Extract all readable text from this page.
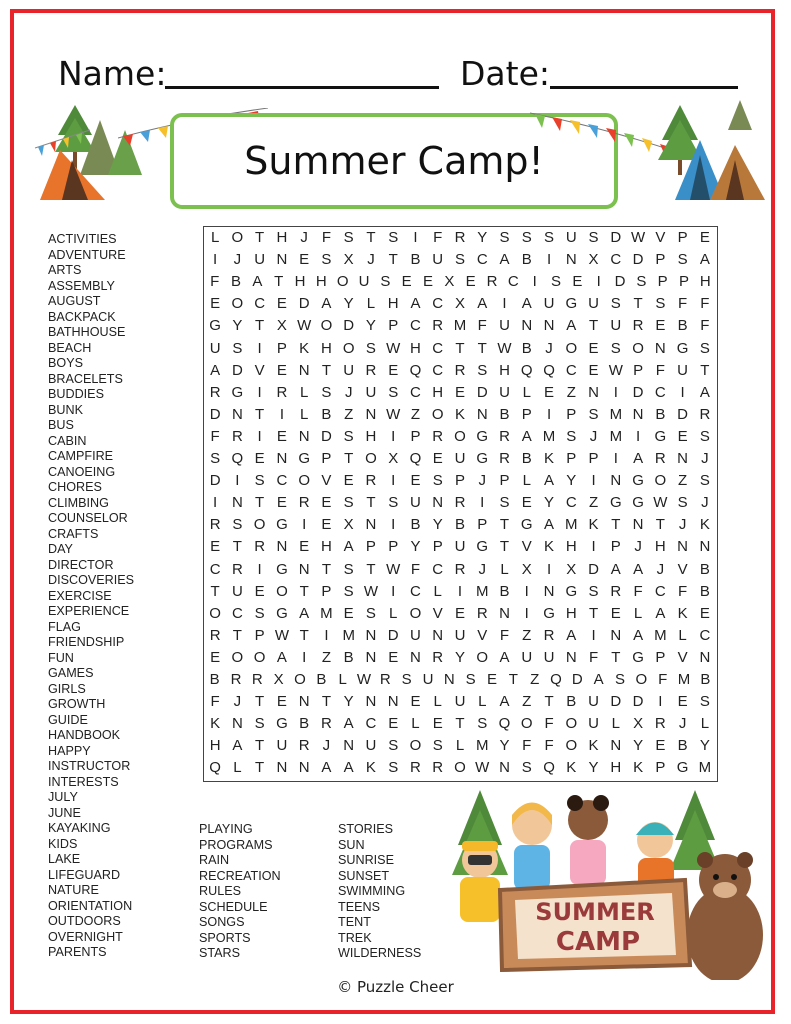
Name:	Date:
Summer Camp!
ACTIVITIES
ADVENTURE
ARTS
ASSEMBLY
AUGUST
BACKPACK
BATHHOUSE
BEACH
BOYS
BRACELETS
BUDDIES
BUNK
BUS
CABIN
CAMPFIRE
CANOEING
CHORES
CLIMBING
COUNSELOR
CRAFTS
DAY
DIRECTOR
DISCOVERIES
EXERCISE
EXPERIENCE
FLAG
FRIENDSHIP
FUN
GAMES
GIRLS
GROWTH
GUIDE
HANDBOOK
HAPPY
INSTRUCTOR
INTERESTS
JULY
JUNE
KAYAKING
KIDS
LAKE
LIFEGUARD
NATURE
ORIENTATION
OUTDOORS
OVERNIGHT
PARENTS
PLAYING
PROGRAMS
RAIN
RECREATION
RULES
SCHEDULE
SONGS
SPORTS
STARS
STORIES
SUN
SUNRISE
SUNSET
SWIMMING
TEENS
TENT
TREK
WILDERNESS
L O T H J F S T S	I	F R Y S S S U S D W V P E
I	J U N E S X J T B U S C A B	I N X C D P S A
F B A T H H O U S E E X E R C I S E I D S P P H
E O C E D A Y L H A C X A	I	A U G U S T S F F
G Y T X W O D Y P C R M F U N N A T U R E B F
U S	I	P K H O S W H C T T W B J O E S O N G S
A D V E N T U R E Q C R S H Q Q C E W P F U T
R G I R L S J U S C H E D U L E Z N I D C I	A
D N T	I	L B Z N W Z O K N B P	I	P S M N B D R
F R I	E N D S H I	P R O G R A M S J M I G E S
S Q E N G P T O X Q E U G R B K P P	I	A R N J
D I	S C O V E R I	E S P J P L A Y	I N G O Z S
I N T E R E S T S U N R I	S E Y C Z G G W S J
R S O G I	E X N I	B Y B P T G A M K T N T J K
E T R N E H A P P Y P U G T V K H I	P J H N N
C R I G N T S T W F C R J L X	I	X D A A J V B
T U E O T P S W I C L	I M B	I N G S R F C F B
O C S G A M E S L O V E R N I G H T E L A K E
R T P W T	I M N D U N U V F Z R A	I N A M L C
E O O A	I	Z B N E N R Y O A U U N F T G P V N
B R R X O B L W R S U N S E T Z Q D A S O F M B
F J T E N T Y N N E L U L A Z T B U D D I	E S
K N S G B R A C E L E T S Q O F O U L X R J L
H A T U R J N U S O S L M Y F F O K N Y E B Y
Q L T N N A A K S R R O W N S Q K Y H K P G M
SUMMER
CAMP
© Puzzle Cheer
